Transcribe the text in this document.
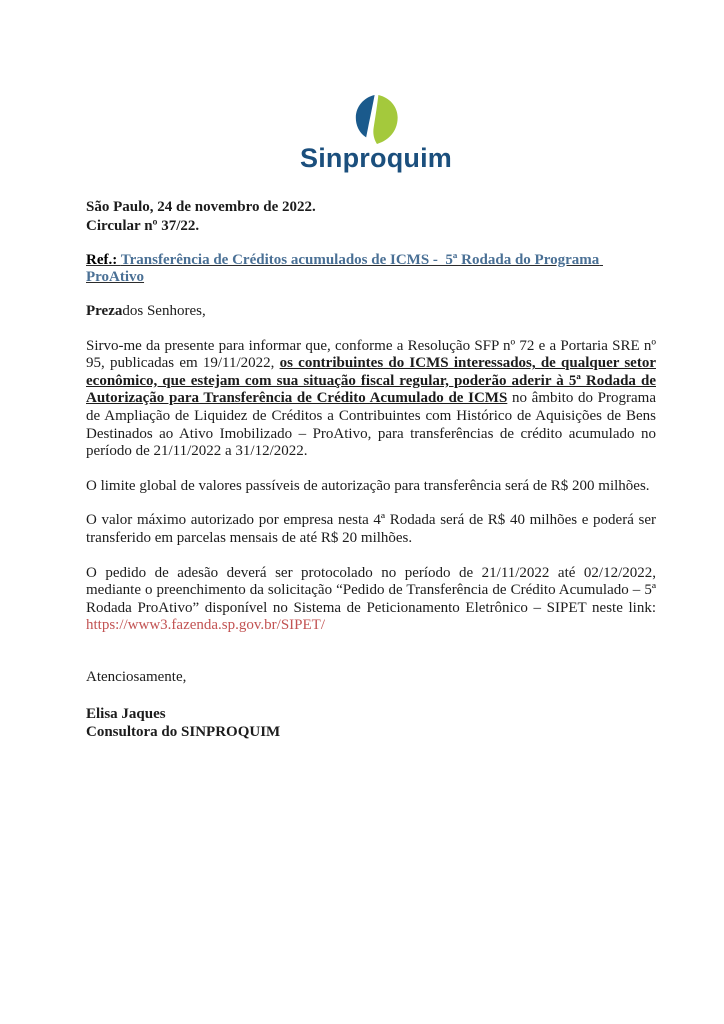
Sinproquim
São Paulo, 24 de novembro de 2022.
Circular nº 37/22.
Ref.: Transferência de Créditos acumulados de ICMS -  5ª Rodada do Programa ProAtivo

Prezados Senhores,

Sirvo-me da presente para informar que, conforme a Resolução SFP nº 72 e a Portaria SRE nº 95, publicadas em 19/11/2022, os contribuintes do ICMS interessados, de qualquer setor econômico, que estejam com sua situação fiscal regular, poderão aderir à 5ª Rodada de Autorização para Transferência de Crédito Acumulado de ICMS no âmbito do Programa de Ampliação de Liquidez de Créditos a Contribuintes com Histórico de Aquisições de Bens Destinados ao Ativo Imobilizado – ProAtivo, para transferências de crédito acumulado no período de 21/11/2022 a 31/12/2022.

O limite global de valores passíveis de autorização para transferência será de R$ 200 milhões.

O valor máximo autorizado por empresa nesta 4ª Rodada será de R$ 40 milhões e poderá ser transferido em parcelas mensais de até R$ 20 milhões.

O pedido de adesão deverá ser protocolado no período de 21/11/2022 até 02/12/2022, mediante o preenchimento da solicitação “Pedido de Transferência de Crédito Acumulado – 5ª Rodada ProAtivo” disponível no Sistema de Peticionamento Eletrônico – SIPET neste link: https://www3.fazenda.sp.gov.br/SIPET/

Atenciosamente,

Elisa Jaques
Consultora do SINPROQUIM
